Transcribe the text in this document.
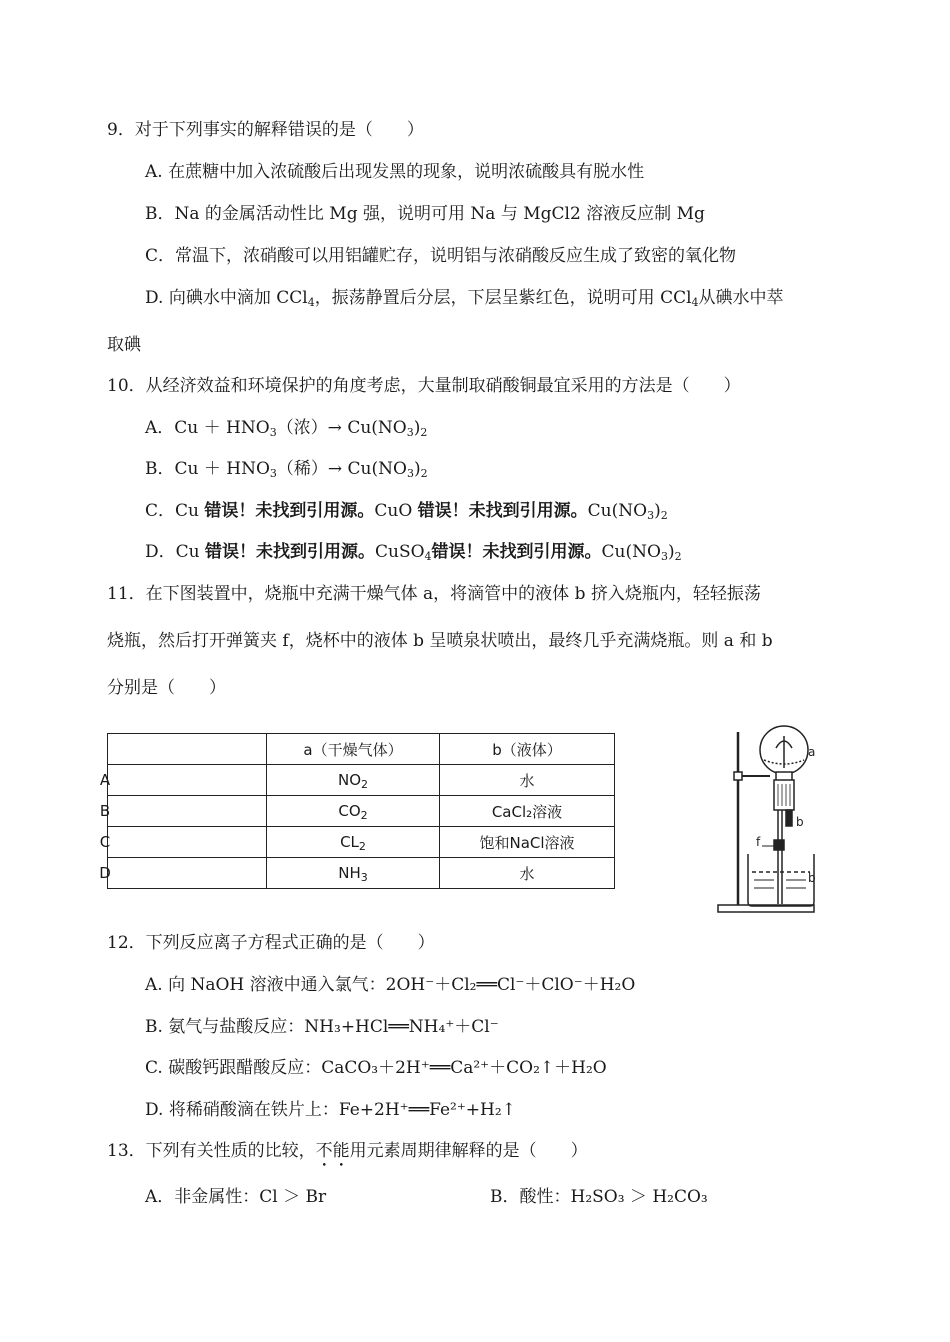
9．对于下列事实的解释错误的是（　　）
A. 在蔗糖中加入浓硫酸后出现发黑的现象，说明浓硫酸具有脱水性
B．Na 的金属活动性比 Mg 强，说明可用 Na 与 MgCl2 溶液反应制 Mg
C．常温下，浓硝酸可以用铝罐贮存，说明铝与浓硝酸反应生成了致密的氧化物
D. 向碘水中滴加 CCl$_4$，振荡静置后分层，下层呈紫红色，说明可用 CCl$_4$从碘水中萃
取碘
10．从经济效益和环境保护的角度考虑，大量制取硝酸铜最宜采用的方法是（　　）
A．$Cu + HNO_3$（浓）→ $Cu(NO_3)_2$
B．$Cu + HNO_3$（稀）→ $Cu(NO_3)_2$
C．Cu 错误！未找到引用源。CuO 错误！未找到引用源。$Cu(NO_3)_2$
D．Cu 错误！未找到引用源。CuSO$_4$错误！未找到引用源。$Cu(NO_3)_2$
11．在下图装置中，烧瓶中充满干燥气体 a，将滴管中的液体 b 挤入烧瓶内，轻轻振荡
烧瓶，然后打开弹簧夹 f，烧杯中的液体 b 呈喷泉状喷出，最终几乎充满烧瓶。则 a 和 b
分别是（　　）
	a（干燥气体）	b（液体）
A	$NO_2$	水
B	$CO_2$	CaCl₂溶液
C	$CL_2$	饱和NaCl溶液
D	$NH_3$	水
a
b
f
b
12．下列反应离子方程式正确的是（　　）
A. 向 NaOH 溶液中通入氯气：2OH⁻＋Cl₂══Cl⁻＋ClO⁻＋H₂O
B. 氨气与盐酸反应：NH₃+HCl══NH₄⁺＋Cl⁻
C. 碳酸钙跟醋酸反应：CaCO₃＋2H⁺══Ca²⁺＋CO₂↑＋H₂O
D. 将稀硝酸滴在铁片上：Fe+2H⁺══Fe²⁺+H₂↑
13．下列有关性质的比较，不能用元素周期律解释的是（　　）
A．非金属性：Cl ＞ Br	B．酸性：H₂SO₃ ＞ H₂CO₃
